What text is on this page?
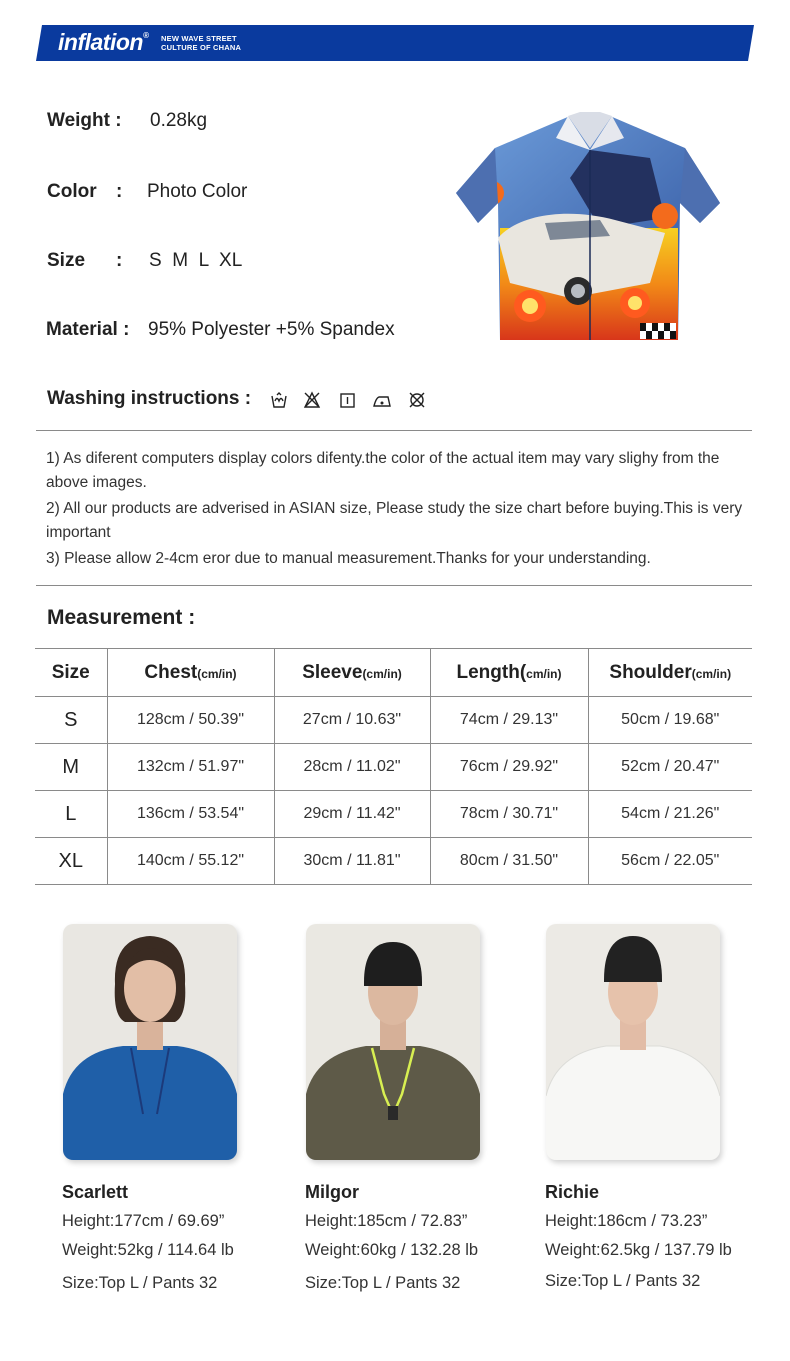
inflation® NEW WAVE STREET
CULTURE OF CHANA
Weight : 0.28kg
Color : Photo Color
Size : S  M  L  XL
Material : 95% Polyester +5% Spandex
Washing instructions :

1) As diferent computers display colors difenty.the color of the actual item may vary slighy from the above images.

2) All our products are adverised in ASIAN size, Please study the size chart before buying.This is very important

3) Please allow 2-4cm eror due to manual measurement.Thanks for your understanding.

Measurement :
Size	Chest(cm/in)	Sleeve(cm/in)	Length(cm/in)	Shoulder(cm/in)
S	128cm / 50.39"	27cm / 10.63"	74cm / 29.13"	50cm / 19.68"
M	132cm / 51.97"	28cm / 11.02"	76cm / 29.92"	52cm / 20.47"
L	136cm / 53.54"	29cm / 11.42"	78cm / 30.71"	54cm / 21.26"
XL	140cm / 55.12"	30cm / 11.81"	80cm / 31.50"	56cm / 22.05"
Scarlett
Height:177cm / 69.69”
Weight:52kg / 114.64 lb
Size:Top L / Pants 32
Milgor
Height:185cm / 72.83”
Weight:60kg / 132.28 lb
Size:Top L / Pants 32
Richie
Height:186cm / 73.23”
Weight:62.5kg / 137.79 lb
Size:Top L / Pants 32
